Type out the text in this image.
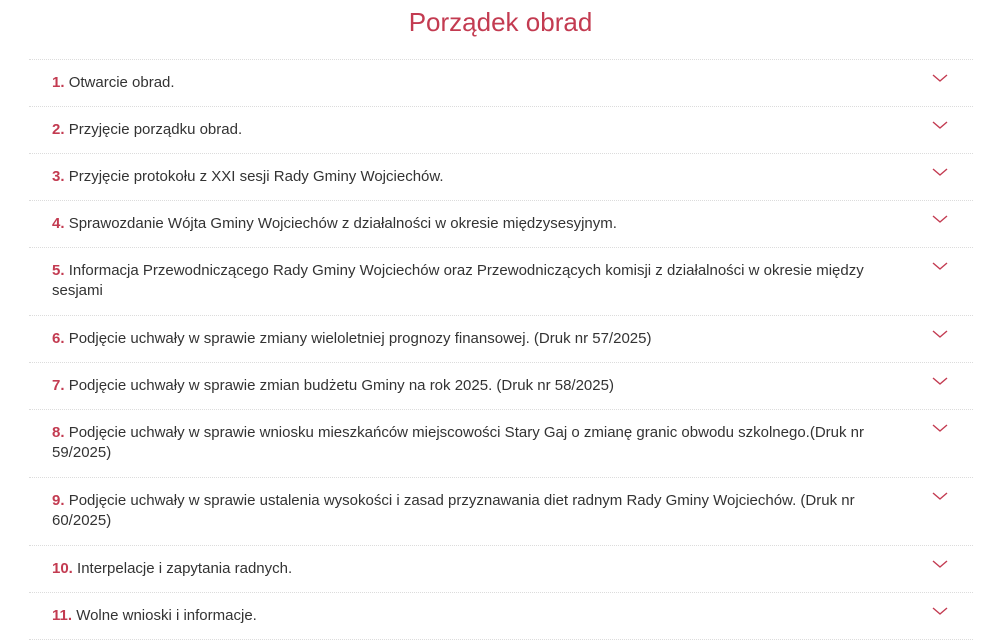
Porządek obrad
1. Otwarcie obrad.
2. Przyjęcie porządku obrad.
3. Przyjęcie protokołu z XXI sesji Rady Gminy Wojciechów.
4. Sprawozdanie Wójta Gminy Wojciechów z działalności w okresie międzysesyjnym.
5. Informacja Przewodniczącego Rady Gminy Wojciechów oraz Przewodniczących komisji z działalności w okresie między sesjami
6. Podjęcie uchwały w sprawie zmiany wieloletniej prognozy finansowej. (Druk nr 57/2025)
7. Podjęcie uchwały w sprawie zmian budżetu Gminy na rok 2025. (Druk nr 58/2025)
8. Podjęcie uchwały w sprawie wniosku mieszkańców miejscowości Stary Gaj o zmianę granic obwodu szkolnego.(Druk nr 59/2025)
9. Podjęcie uchwały w sprawie ustalenia wysokości i zasad przyznawania diet radnym Rady Gminy Wojciechów. (Druk nr 60/2025)
10. Interpelacje i zapytania radnych.
11. Wolne wnioski i informacje.
